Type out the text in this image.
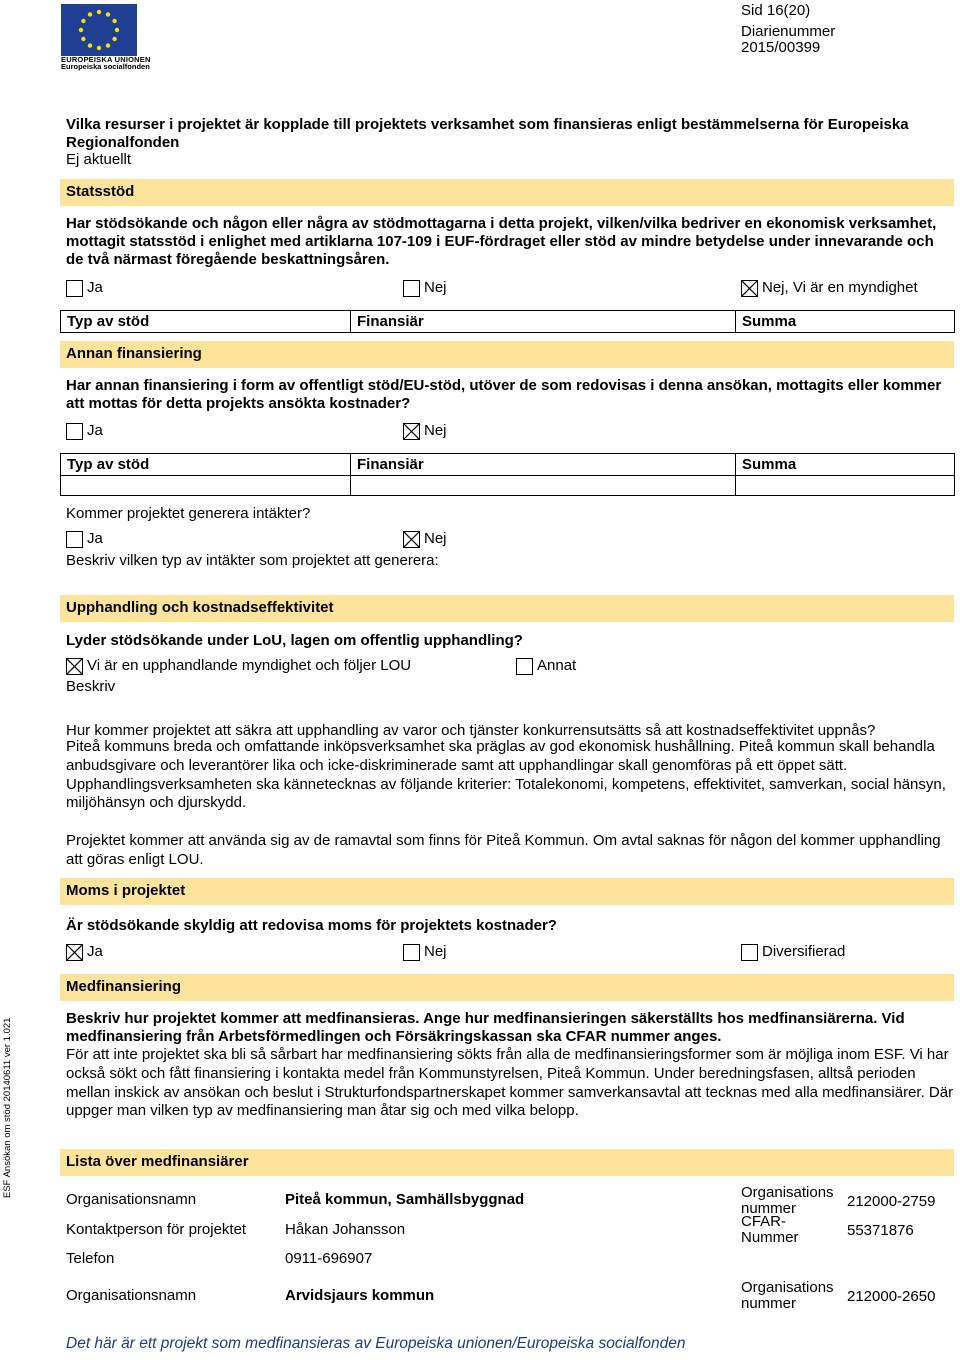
EUROPEISKA UNIONEN
Europeiska socialfonden
Sid 16(20)
Diarienummer
2015/00399
Vilka resurser i projektet är kopplade till projektets verksamhet som finansieras enligt bestämmelserna för Europeiska Regionalfonden
Ej aktuellt
Statsstöd
Har stödsökande och någon eller några av stödmottagarna i detta projekt, vilken/vilka bedriver en ekonomisk verksamhet, mottagit statsstöd i enlighet med artiklarna 107-109 i EUF-fördraget eller stöd av mindre betydelse under innevarande och de två närmast föregående beskattningsåren.
Ja	Nej	Nej, Vi är en myndighet
Typ av stöd	Finansiär	Summa
Annan finansiering
Har annan finansiering i form av offentligt stöd/EU-stöd, utöver de som redovisas i denna ansökan, mottagits eller kommer att mottas för detta projekts ansökta kostnader?
Ja	Nej
Typ av stöd	Finansiär	Summa

Kommer projektet generera intäkter?
Ja	Nej
Beskriv vilken typ av intäkter som projektet att generera:
Upphandling och kostnadseffektivitet
Lyder stödsökande under LoU, lagen om offentlig upphandling?
Vi är en upphandlande myndighet och följer LOU	Annat
Beskriv
Hur kommer projektet att säkra att upphandling av varor och tjänster konkurrensutsätts så att kostnadseffektivitet uppnås?
Piteå kommuns breda och omfattande inköpsverksamhet ska präglas av god ekonomisk hushållning. Piteå kommun skall behandla anbudsgivare och leverantörer lika och icke-diskriminerade samt att upphandlingar skall genomföras på ett öppet sätt. Upphandlingsverksamheten ska kännetecknas av följande kriterier: Totalekonomi, kompetens, effektivitet, samverkan, social hänsyn, miljöhänsyn och djurskydd.
Projektet kommer att använda sig av de ramavtal som finns för Piteå Kommun. Om avtal saknas för någon del kommer upphandling att göras enligt LOU.
Moms i projektet
Är stödsökande skyldig att redovisa moms för projektets kostnader?
Ja	Nej	Diversifierad
Medfinansiering
Beskriv hur projektet kommer att medfinansieras. Ange hur medfinansieringen säkerställts hos medfinansiärerna. Vid medfinansiering från Arbetsförmedlingen och Försäkringskassan ska CFAR nummer anges.
För att inte projektet ska bli så sårbart har medfinansiering sökts från alla de medfinansieringsformer som är möjliga inom ESF. Vi har också sökt och fått finansiering i kontakta medel från Kommunstyrelsen, Piteå Kommun. Under beredningsfasen, alltså perioden mellan inskick av ansökan och beslut i Strukturfondspartnerskapet kommer samverkansavtal att tecknas med alla medfinansiärer. Där uppger man vilken typ av medfinansiering man åtar sig och med vilka belopp.
Lista över medfinansiärer
Organisationsnamn	Piteå kommun, Samhällsbyggnad	Organisations nummer	212000-2759
Kontaktperson för projektet	Håkan Johansson	CFAR-Nummer	55371876
Telefon	0911-696907
Organisationsnamn	Arvidsjaurs kommun	Organisations nummer	212000-2650
ESF Ansökan om stöd 20140611 ver 1.021
Det här är ett projekt som medfinansieras av Europeiska unionen/Europeiska socialfonden
